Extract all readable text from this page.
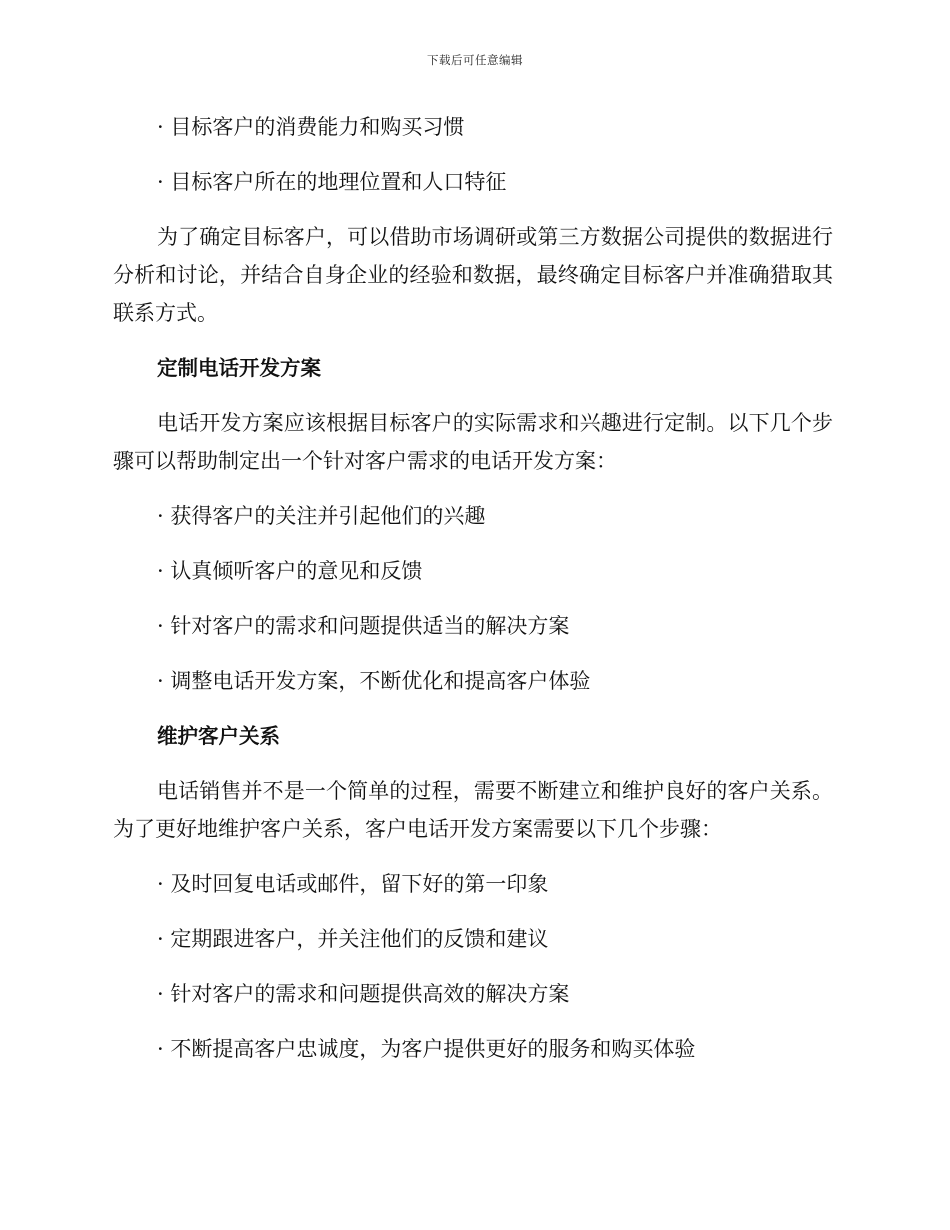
下载后可任意编辑

· 目标客户的消费能力和购买习惯

· 目标客户所在的地理位置和人口特征

为了确定目标客户，可以借助市场调研或第三方数据公司提供的数据进行分析和讨论，并结合自身企业的经验和数据，最终确定目标客户并准确猎取其联系方式。

定制电话开发方案

电话开发方案应该根据目标客户的实际需求和兴趣进行定制。以下几个步骤可以帮助制定出一个针对客户需求的电话开发方案：

· 获得客户的关注并引起他们的兴趣

· 认真倾听客户的意见和反馈

· 针对客户的需求和问题提供适当的解决方案

· 调整电话开发方案，不断优化和提高客户体验

维护客户关系

电话销售并不是一个简单的过程，需要不断建立和维护良好的客户关系。为了更好地维护客户关系，客户电话开发方案需要以下几个步骤：

· 及时回复电话或邮件，留下好的第一印象

· 定期跟进客户，并关注他们的反馈和建议

· 针对客户的需求和问题提供高效的解决方案

· 不断提高客户忠诚度，为客户提供更好的服务和购买体验
